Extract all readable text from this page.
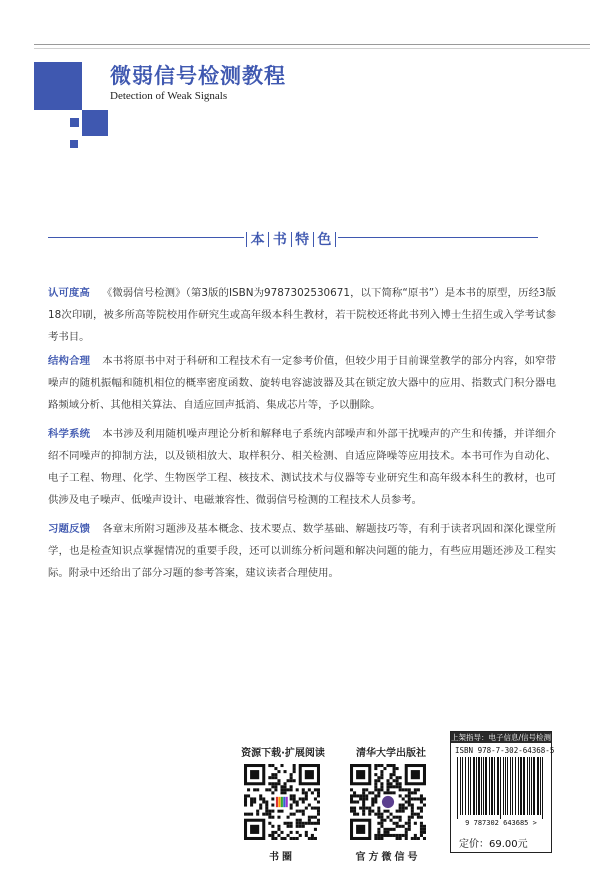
微弱信号检测教程
Detection of Weak Signals
本 书 特 色
认可度高 《微弱信号检测》（第3版的ISBN为9787302530671，以下简称“原书”）是本书的原型，历经3版18次印刷，被多所高等院校用作研究生或高年级本科生教材，若干院校还将此书列入博士生招生或入学考试参考书目。
结构合理 本书将原书中对于科研和工程技术有一定参考价值，但较少用于目前课堂教学的部分内容，如窄带噪声的随机振幅和随机相位的概率密度函数、旋转电容滤波器及其在锁定放大器中的应用、指数式门积分器电路频域分析、其他相关算法、自适应回声抵消、集成芯片等，予以删除。
科学系统 本书涉及利用随机噪声理论分析和解释电子系统内部噪声和外部干扰噪声的产生和传播，并详细介绍不同噪声的抑制方法，以及锁相放大、取样积分、相关检测、自适应降噪等应用技术。本书可作为自动化、电子工程、物理、化学、生物医学工程、核技术、测试技术与仪器等专业研究生和高年级本科生的教材，也可供涉及电子噪声、低噪声设计、电磁兼容性、微弱信号检测的工程技术人员参考。
习题反馈 各章末所附习题涉及基本概念、技术要点、数学基础、解题技巧等，有利于读者巩固和深化课堂所学，也是检查知识点掌握情况的重要手段，还可以训练分析问题和解决问题的能力，有些应用题还涉及工程实际。附录中还给出了部分习题的参考答案，建议读者合理使用。
资源下载·扩展阅读
书圈
清华大学出版社
官方微信号
上架指导：电子信息/信号检测
ISBN 978-7-302-64368-5
9 787302 643685 >
定价：69.00元
